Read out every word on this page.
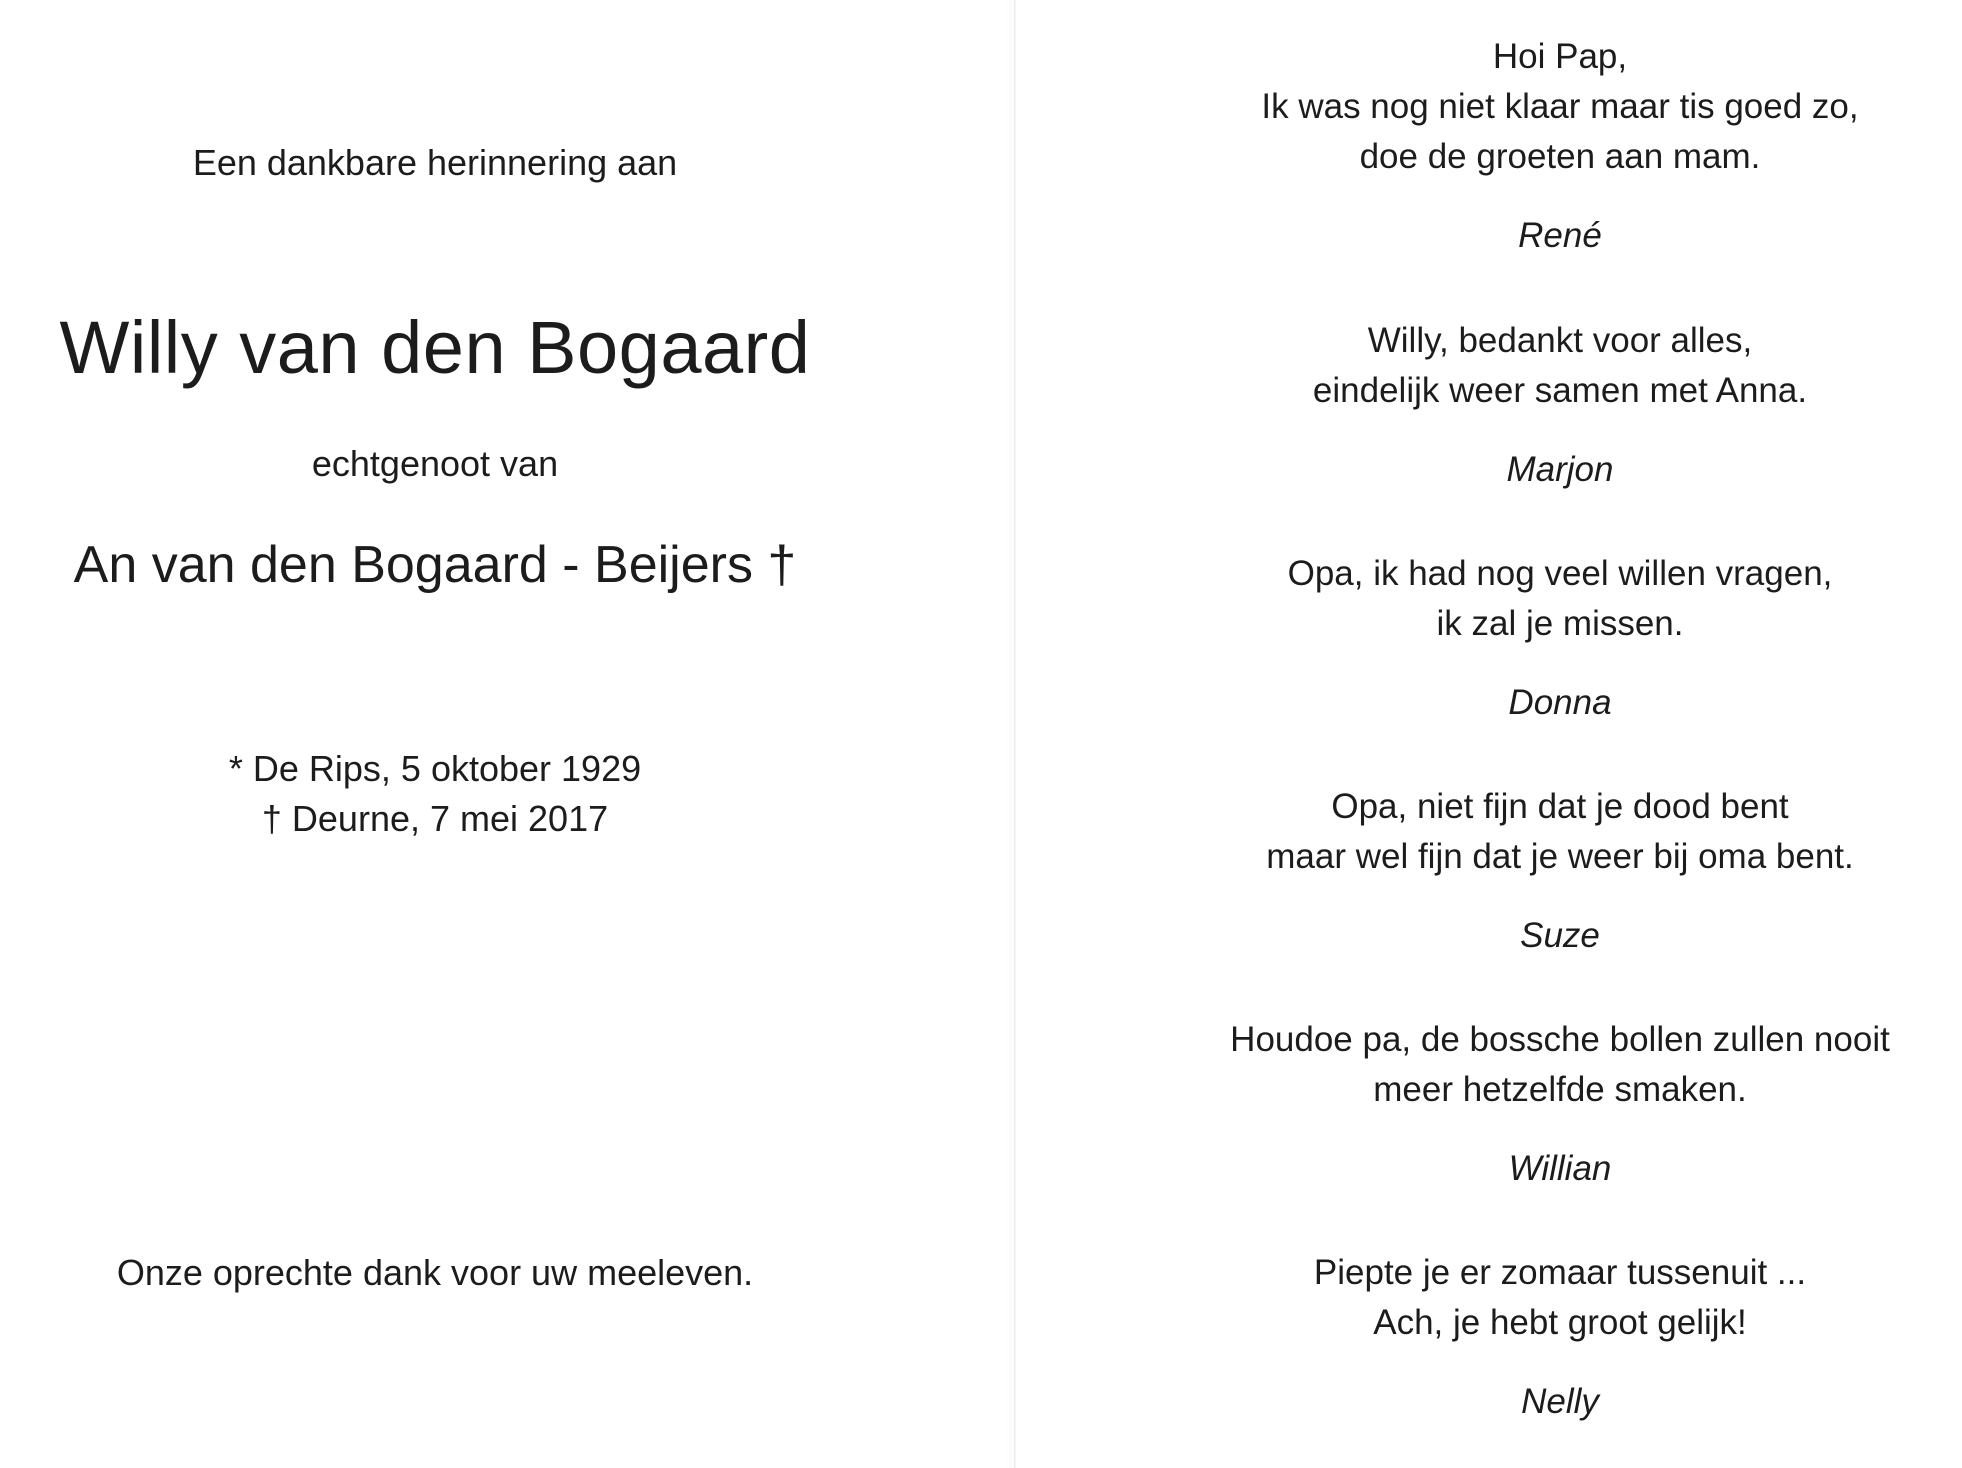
Een dankbare herinnering aan
Willy van den Bogaard
echtgenoot van
An van den Bogaard - Beijers †
* De Rips, 5 oktober 1929
† Deurne, 7 mei 2017
Onze oprechte dank voor uw meeleven.
Hoi Pap,
Ik was nog niet klaar maar tis goed zo,
doe de groeten aan mam.
René
Willy, bedankt voor alles,
eindelijk weer samen met Anna.
Marjon
Opa, ik had nog veel willen vragen,
ik zal je missen.
Donna
Opa, niet fijn dat je dood bent
maar wel fijn dat je weer bij oma bent.
Suze
Houdoe pa, de bossche bollen zullen nooit
meer hetzelfde smaken.
Willian
Piepte je er zomaar tussenuit ...
Ach, je hebt groot gelijk!
Nelly
